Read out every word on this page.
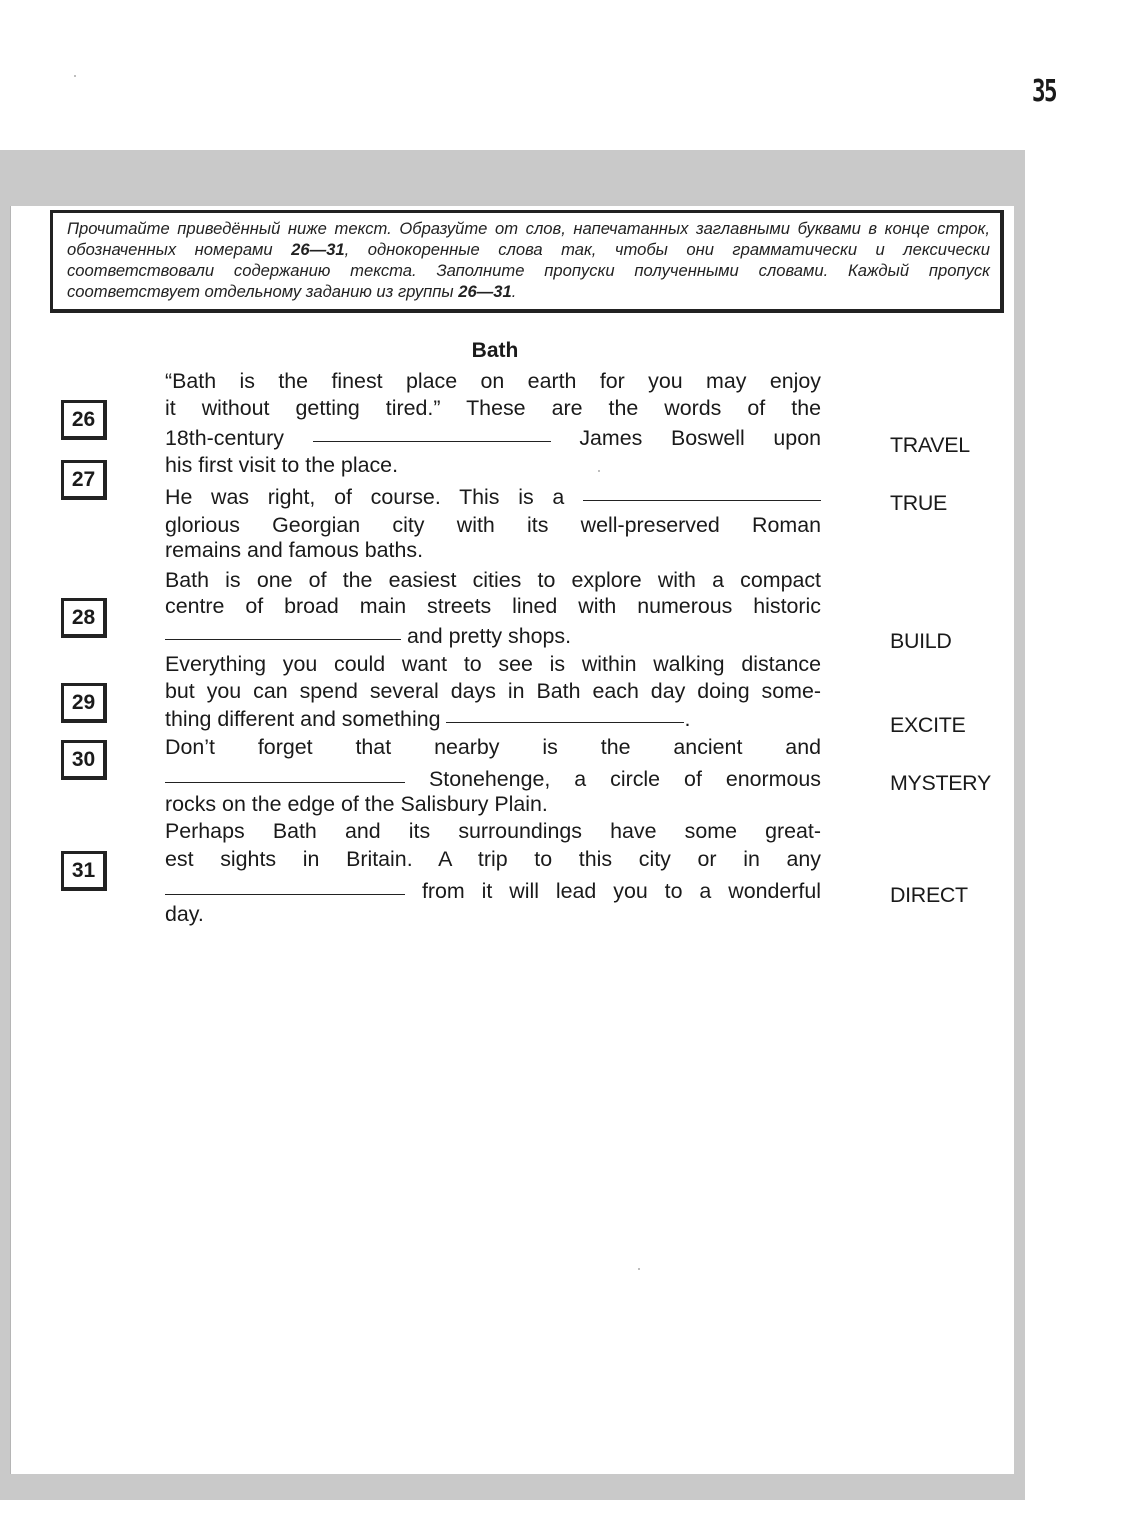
35
Прочитайте приведённый ниже текст. Образуйте от слов, напечатанных заглавными буквами в конце строк, обозначенных номерами 26—31, однокоренные слова так, чтобы они грамматически и лексически соответствовали содержанию текста. Заполните пропуски полученными словами. Каждый пропуск соответствует отдельному заданию из группы 26—31.
Bath
26
27
28
29
30
31
“Bath is the finest place on earth for you may enjoy
it without getting tired.” These are the words of the
18th-century	James Boswell upon
his first visit to the place.
He was right, of course. This is a
glorious Georgian city with its well-preserved Roman
remains and famous baths.
Bath is one of the easiest cities to explore with a compact
centre of broad main streets lined with numerous historic
and pretty shops.
Everything you could want to see is within walking distance
but you can spend several days in Bath each day doing some-
thing different and something	.
Don’t forget that nearby is the ancient and
Stonehenge, a circle of enormous
rocks on the edge of the Salisbury Plain.
Perhaps Bath and its surroundings have some great-
est sights in Britain. A trip to this city or in any
from it will lead you to a wonderful
day.
TRAVEL
TRUE
BUILD
EXCITE
MYSTERY
DIRECT
